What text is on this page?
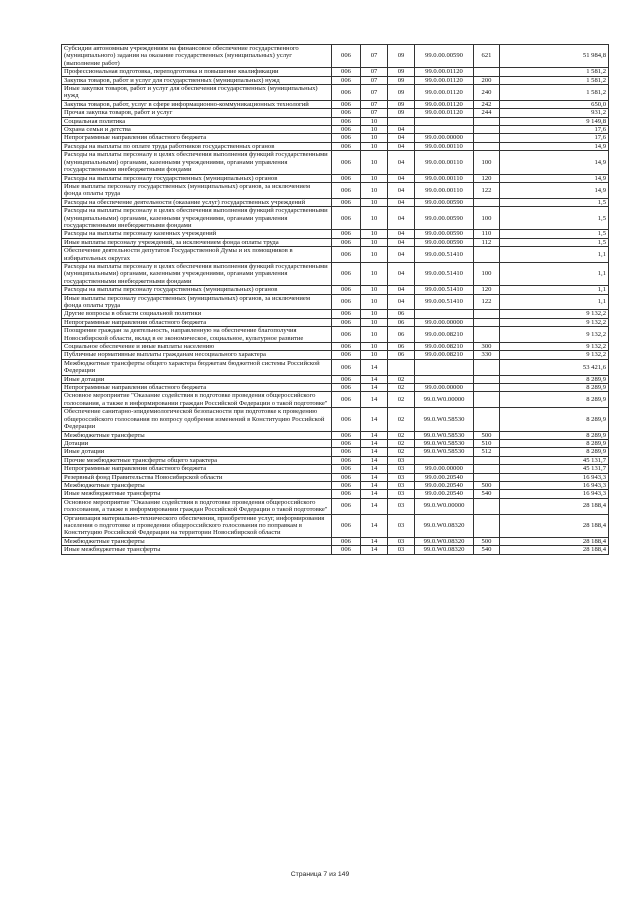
Субсидии автономным учреждениям на финансовое обеспечение государственного (муниципального) задания на оказание государственных (муниципальных) услуг (выполнение работ)	006	07	09	99.0.00.00590	621	51 984,8
Профессиональная подготовка, переподготовка и повышение квалификации	006	07	09	99.0.00.01120		1 581,2
Закупка товаров, работ и услуг для государственных (муниципальных) нужд	006	07	09	99.0.00.01120	200	1 581,2
Иные закупки товаров, работ и услуг для обеспечения государственных (муниципальных) нужд	006	07	09	99.0.00.01120	240	1 581,2
Закупка товаров, работ, услуг в сфере информационно-коммуникационных технологий	006	07	09	99.0.00.01120	242	650,0
Прочая закупка товаров, работ и услуг	006	07	09	99.0.00.01120	244	931,2
Социальная политика	006	10				9 149,8
Охрана семьи и детства	006	10	04			17,6
Непрограммные направления областного бюджета	006	10	04	99.0.00.00000		17,6
Расходы на выплаты по оплате труда работников государственных органов	006	10	04	99.0.00.00110		14,9
Расходы на выплаты персоналу в целях обеспечения выполнения функций государственными (муниципальными) органами, казенными учреждениями, органами управления государственными внебюджетными фондами	006	10	04	99.0.00.00110	100	14,9
Расходы на выплаты персоналу государственных (муниципальных) органов	006	10	04	99.0.00.00110	120	14,9
Иные выплаты персоналу государственных (муниципальных) органов, за исключением фонда оплаты труда	006	10	04	99.0.00.00110	122	14,9
Расходы на обеспечение деятельности (оказание услуг) государственных учреждений	006	10	04	99.0.00.00590		1,5
Расходы на выплаты персоналу в целях обеспечения выполнения функций государственными (муниципальными) органами, казенными учреждениями, органами управления государственными внебюджетными фондами	006	10	04	99.0.00.00590	100	1,5
Расходы на выплаты персоналу казенных учреждений	006	10	04	99.0.00.00590	110	1,5
Иные выплаты персоналу учреждений, за исключением фонда оплаты труда	006	10	04	99.0.00.00590	112	1,5
Обеспечение деятельности депутатов Государственной Думы и их помощников в избирательных округах	006	10	04	99.0.00.51410		1,1
Расходы на выплаты персоналу в целях обеспечения выполнения функций государственными (муниципальными) органами, казенными учреждениями, органами управления государственными внебюджетными фондами	006	10	04	99.0.00.51410	100	1,1
Расходы на выплаты персоналу государственных (муниципальных) органов	006	10	04	99.0.00.51410	120	1,1
Иные выплаты персоналу государственных (муниципальных) органов, за исключением фонда оплаты труда	006	10	04	99.0.00.51410	122	1,1
Другие вопросы в области социальной политики	006	10	06			9 132,2
Непрограммные направления областного бюджета	006	10	06	99.0.00.00000		9 132,2
Поощрение граждан за деятельность, направленную на обеспечение благополучия Новосибирской области, вклад в ее экономическое, социальное, культурное развитие	006	10	06	99.0.00.08210		9 132,2
Социальное обеспечение и иные выплаты населению	006	10	06	99.0.00.08210	300	9 132,2
Публичные нормативные выплаты гражданам несоциального характера	006	10	06	99.0.00.08210	330	9 132,2
Межбюджетные трансферты общего характера бюджетам бюджетной системы Российской Федерации	006	14				53 421,6
Иные дотации	006	14	02			8 289,9
Непрограммные направления областного бюджета	006	14	02	99.0.00.00000		8 289,9
Основное мероприятие "Оказание содействия в подготовке проведения общероссийского голосования, а также в информировании граждан Российской Федерации о такой подготовке"	006	14	02	99.0.W0.00000		8 289,9
Обеспечение санитарно-эпидемиологической безопасности при подготовке к проведению общероссийского голосования по вопросу одобрения изменений в Конституцию Российской Федерации	006	14	02	99.0.W0.58530		8 289,9
Межбюджетные трансферты	006	14	02	99.0.W0.58530	500	8 289,9
Дотации	006	14	02	99.0.W0.58530	510	8 289,9
Иные дотации	006	14	02	99.0.W0.58530	512	8 289,9
Прочие межбюджетные трансферты общего характера	006	14	03			45 131,7
Непрограммные направления областного бюджета	006	14	03	99.0.00.00000		45 131,7
Резервный фонд Правительства Новосибирской области	006	14	03	99.0.00.20540		16 943,3
Межбюджетные трансферты	006	14	03	99.0.00.20540	500	16 943,3
Иные межбюджетные трансферты	006	14	03	99.0.00.20540	540	16 943,3
Основное мероприятие "Оказание содействия в подготовке проведения общероссийского голосования, а также в информировании граждан Российской Федерации о такой подготовке"	006	14	03	99.0.W0.00000		28 188,4
Организация материально-технического обеспечения, приобретение услуг, информирования населения о подготовке и проведении общероссийского голосования по поправкам в Конституцию Российской Федерации на территории Новосибирской области	006	14	03	99.0.W0.08320		28 188,4
Межбюджетные трансферты	006	14	03	99.0.W0.08320	500	28 188,4
Иные межбюджетные трансферты	006	14	03	99.0.W0.08320	540	28 188,4
Страница 7 из 149
